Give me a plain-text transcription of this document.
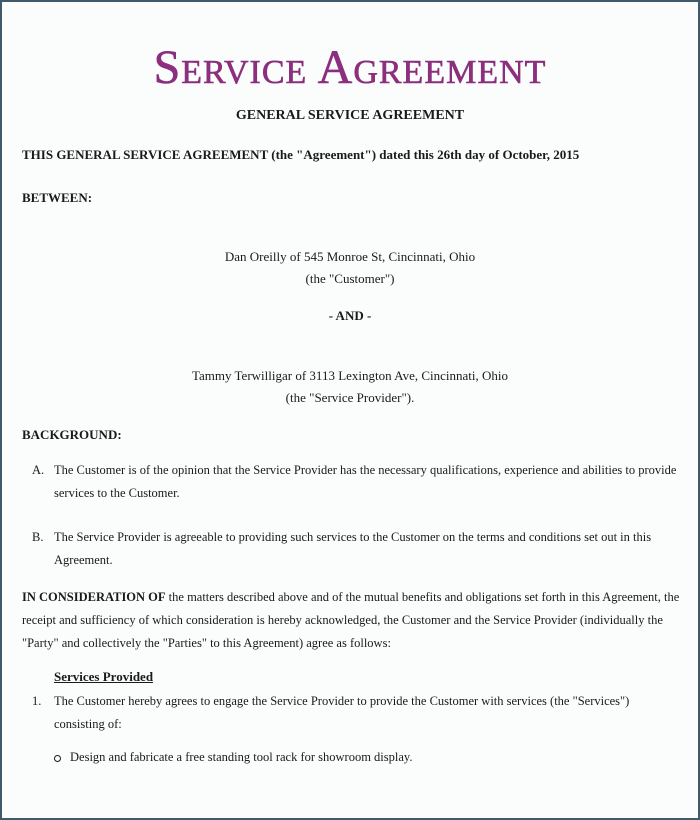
Service Agreement
GENERAL SERVICE AGREEMENT
THIS GENERAL SERVICE AGREEMENT (the "Agreement") dated this 26th day of October, 2015
BETWEEN:
Dan Oreilly of 545 Monroe St, Cincinnati, Ohio
(the "Customer")
- AND -
Tammy Terwilligar of 3113 Lexington Ave, Cincinnati, Ohio
(the "Service Provider").
BACKGROUND:
A. The Customer is of the opinion that the Service Provider has the necessary qualifications, experience and abilities to provide services to the Customer.
B. The Service Provider is agreeable to providing such services to the Customer on the terms and conditions set out in this Agreement.
IN CONSIDERATION OF the matters described above and of the mutual benefits and obligations set forth in this Agreement, the receipt and sufficiency of which consideration is hereby acknowledged, the Customer and the Service Provider (individually the "Party" and collectively the "Parties" to this Agreement) agree as follows:
Services Provided
1.	The Customer hereby agrees to engage the Service Provider to provide the Customer with services (the "Services") consisting of:
Design and fabricate a free standing tool rack for showroom display.
